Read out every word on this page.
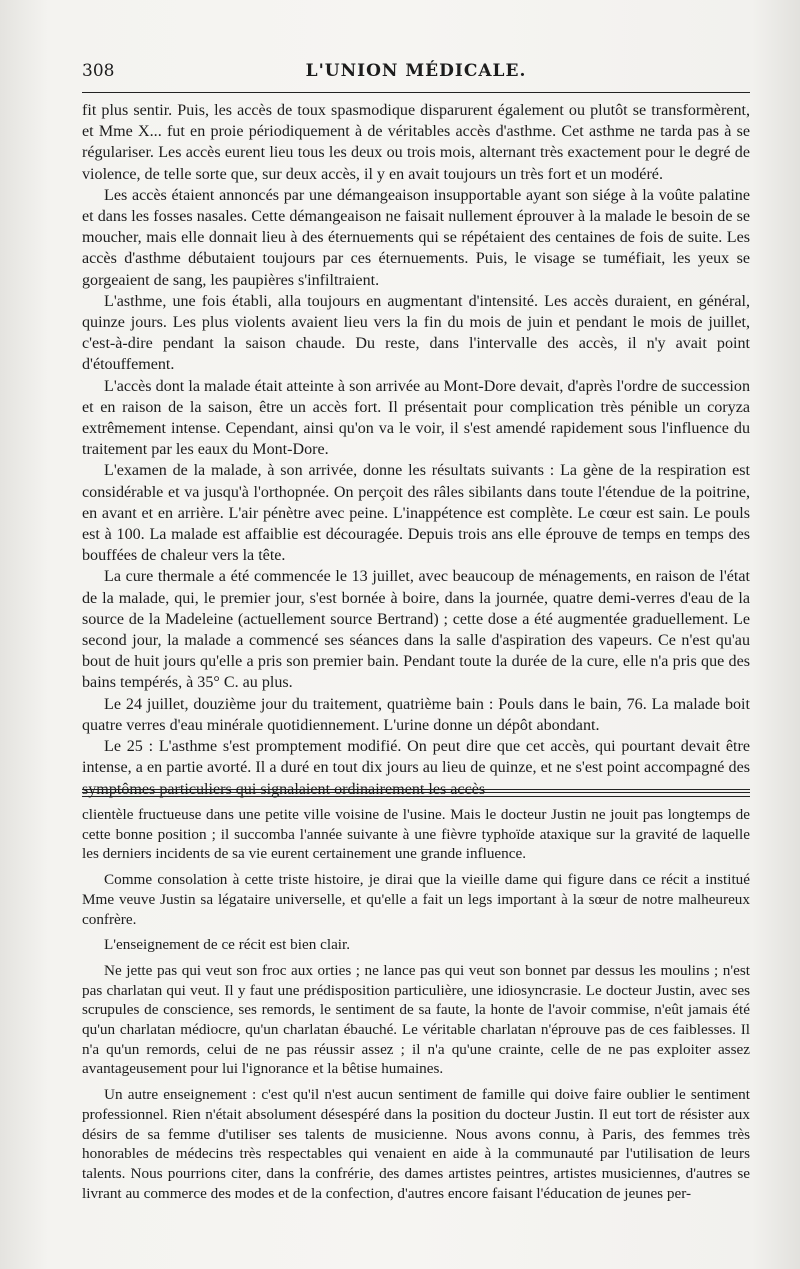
308	L'UNION MÉDICALE.

fit plus sentir. Puis, les accès de toux spasmodique disparurent également ou plutôt se transformèrent, et Mme X... fut en proie périodiquement à de véritables accès d'asthme. Cet asthme ne tarda pas à se régulariser. Les accès eurent lieu tous les deux ou trois mois, alternant très exactement pour le degré de violence, de telle sorte que, sur deux accès, il y en avait toujours un très fort et un modéré.

Les accès étaient annoncés par une démangeaison insupportable ayant son siége à la voûte palatine et dans les fosses nasales. Cette démangeaison ne faisait nullement éprouver à la malade le besoin de se moucher, mais elle donnait lieu à des éternuements qui se répétaient des centaines de fois de suite. Les accès d'asthme débutaient toujours par ces éternuements. Puis, le visage se tuméfiait, les yeux se gorgeaient de sang, les paupières s'infiltraient.

L'asthme, une fois établi, alla toujours en augmentant d'intensité. Les accès duraient, en général, quinze jours. Les plus violents avaient lieu vers la fin du mois de juin et pendant le mois de juillet, c'est-à-dire pendant la saison chaude. Du reste, dans l'intervalle des accès, il n'y avait point d'étouffement.

L'accès dont la malade était atteinte à son arrivée au Mont-Dore devait, d'après l'ordre de succession et en raison de la saison, être un accès fort. Il présentait pour complication très pénible un coryza extrêmement intense. Cependant, ainsi qu'on va le voir, il s'est amendé rapidement sous l'influence du traitement par les eaux du Mont-Dore.

L'examen de la malade, à son arrivée, donne les résultats suivants : La gène de la respiration est considérable et va jusqu'à l'orthopnée. On perçoit des râles sibilants dans toute l'étendue de la poitrine, en avant et en arrière. L'air pénètre avec peine. L'inappétence est complète. Le cœur est sain. Le pouls est à 100. La malade est affaiblie est découragée. Depuis trois ans elle éprouve de temps en temps des bouffées de chaleur vers la tête.

La cure thermale a été commencée le 13 juillet, avec beaucoup de ménagements, en raison de l'état de la malade, qui, le premier jour, s'est bornée à boire, dans la journée, quatre demi-verres d'eau de la source de la Madeleine (actuellement source Bertrand) ; cette dose a été augmentée graduellement. Le second jour, la malade a commencé ses séances dans la salle d'aspiration des vapeurs. Ce n'est qu'au bout de huit jours qu'elle a pris son premier bain. Pendant toute la durée de la cure, elle n'a pris que des bains tempérés, à 35° C. au plus.

Le 24 juillet, douzième jour du traitement, quatrième bain : Pouls dans le bain, 76. La malade boit quatre verres d'eau minérale quotidiennement. L'urine donne un dépôt abondant.

Le 25 : L'asthme s'est promptement modifié. On peut dire que cet accès, qui pourtant devait être intense, a en partie avorté. Il a duré en tout dix jours au lieu de quinze, et ne s'est point accompagné des symptômes particuliers qui signalaient ordinairement les accès

clientèle fructueuse dans une petite ville voisine de l'usine. Mais le docteur Justin ne jouit pas longtemps de cette bonne position ; il succomba l'année suivante à une fièvre typhoïde ataxique sur la gravité de laquelle les derniers incidents de sa vie eurent certainement une grande influence.

Comme consolation à cette triste histoire, je dirai que la vieille dame qui figure dans ce récit a institué Mme veuve Justin sa légataire universelle, et qu'elle a fait un legs important à la sœur de notre malheureux confrère.

L'enseignement de ce récit est bien clair.

Ne jette pas qui veut son froc aux orties ; ne lance pas qui veut son bonnet par dessus les moulins ; n'est pas charlatan qui veut. Il y faut une prédisposition particulière, une idiosyncrasie. Le docteur Justin, avec ses scrupules de conscience, ses remords, le sentiment de sa faute, la honte de l'avoir commise, n'eût jamais été qu'un charlatan médiocre, qu'un charlatan ébauché. Le véritable charlatan n'éprouve pas de ces faiblesses. Il n'a qu'un remords, celui de ne pas réussir assez ; il n'a qu'une crainte, celle de ne pas exploiter assez avantageusement pour lui l'ignorance et la bêtise humaines.

Un autre enseignement : c'est qu'il n'est aucun sentiment de famille qui doive faire oublier le sentiment professionnel. Rien n'était absolument désespéré dans la position du docteur Justin. Il eut tort de résister aux désirs de sa femme d'utiliser ses talents de musicienne. Nous avons connu, à Paris, des femmes très honorables de médecins très respectables qui venaient en aide à la communauté par l'utilisation de leurs talents. Nous pourrions citer, dans la confrérie, des dames artistes peintres, artistes musiciennes, d'autres se livrant au commerce des modes et de la confection, d'autres encore faisant l'éducation de jeunes per-
